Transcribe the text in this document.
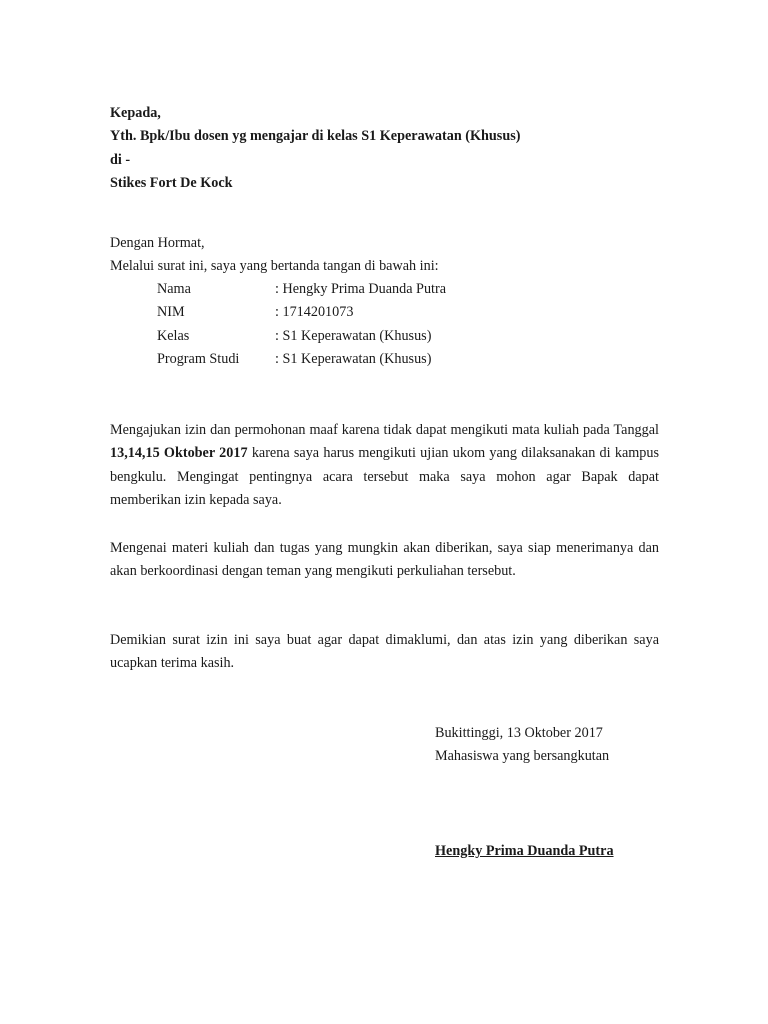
Kepada,
Yth. Bpk/Ibu dosen yg mengajar di kelas S1 Keperawatan (Khusus)
di -
Stikes Fort De Kock
Dengan Hormat,
Melalui surat ini, saya yang bertanda tangan di bawah ini:
Nama	: Hengky Prima Duanda Putra
NIM	: 1714201073
Kelas	: S1 Keperawatan (Khusus)
Program Studi	: S1 Keperawatan (Khusus)
Mengajukan izin dan permohonan maaf karena tidak dapat mengikuti mata kuliah pada Tanggal 13,14,15 Oktober 2017 karena saya harus mengikuti ujian ukom yang dilaksanakan di kampus bengkulu. Mengingat pentingnya acara tersebut maka saya mohon agar Bapak dapat memberikan izin kepada saya.
Mengenai materi kuliah dan tugas yang mungkin akan diberikan, saya siap menerimanya dan akan berkoordinasi dengan teman yang mengikuti perkuliahan tersebut.
Demikian surat izin ini saya buat agar dapat dimaklumi, dan atas izin yang diberikan saya ucapkan terima kasih.
Bukittinggi, 13 Oktober 2017
Mahasiswa yang bersangkutan
Hengky Prima Duanda Putra
